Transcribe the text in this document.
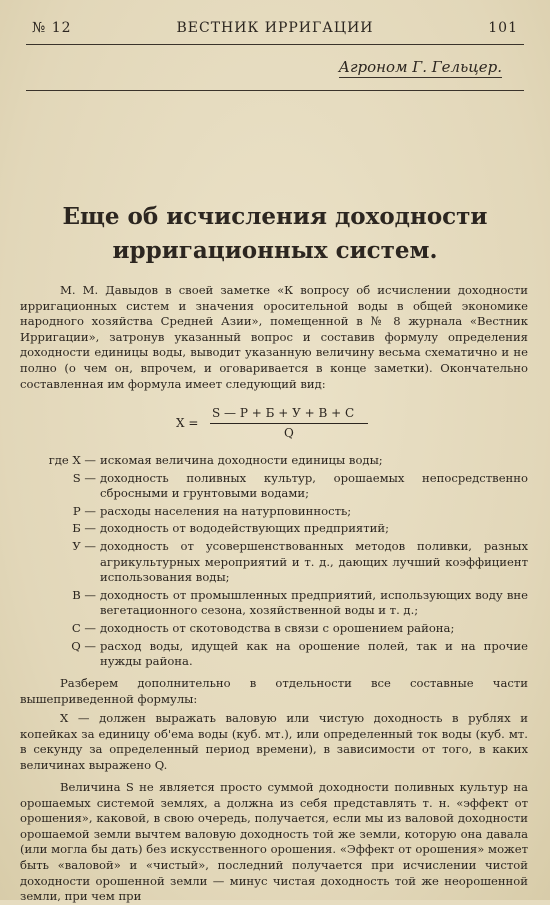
№ 12	ВЕСТНИК ИРРИГАЦИИ	101
Агроном Г. Гельцер.
Еще об исчисления доходности ирригационных систем.
М. М. Давыдов в своей заметке «К вопросу об исчислении доходности ирригационных систем и значения оросительной воды в общей экономике народного хозяйства Средней Азии», помещенной в № 8 журнала «Вестник Ирригации», затронув указанный вопрос и составив формулу определения доходности единицы воды, выводит указанную величину весьма схематично и не полно (о чем он, впрочем, и оговаривается в конце заметки). Окончательно составленная им формула имеет следующий вид:
X =
S — P + Б + У + В + С
Q
где X — искомая величина доходности единицы воды;
S — доходность поливных культур, орошаемых непосредственно сбросными и грунтовыми водами;
P — расходы населения на натурповинность;
Б — доходность от вододействующих предприятий;
У — доходность от усовершенствованных методов поливки, разных агрикультурных мероприятий и т. д., дающих лучший коэффициент использования воды;
В — доходность от промышленных предприятий, использующих воду вне вегетационного сезона, хозяйственной воды и т. д.;
С — доходность от скотоводства в связи с орошением района;
Q — расход воды, идущей как на орошение полей, так и на прочие нужды района.
Разберем дополнительно в отдельности все составные части вышеприведенной формулы:
X — должен выражать валовую или чистую доходность в рублях и копейках за единицу об'ема воды (куб. мт.), или определенный ток воды (куб. мт. в секунду за определенный период времени), в зависимости от того, в каких величинах выражено Q.
Величина S не является просто суммой доходности поливных культур на орошаемых системой землях, а должна из себя представлять т. н. «эффект от орошения», каковой, в свою очередь, получается, если мы из валовой доходности орошаемой земли вычтем валовую доходность той же земли, которую она давала (или могла бы дать) без искусственного орошения. «Эффект от орошения» может быть «валовой» и «чистый», последний получается при исчислении чистой доходности орошенной земли — минус чистая доходность той же неорошенной земли, при чем при
